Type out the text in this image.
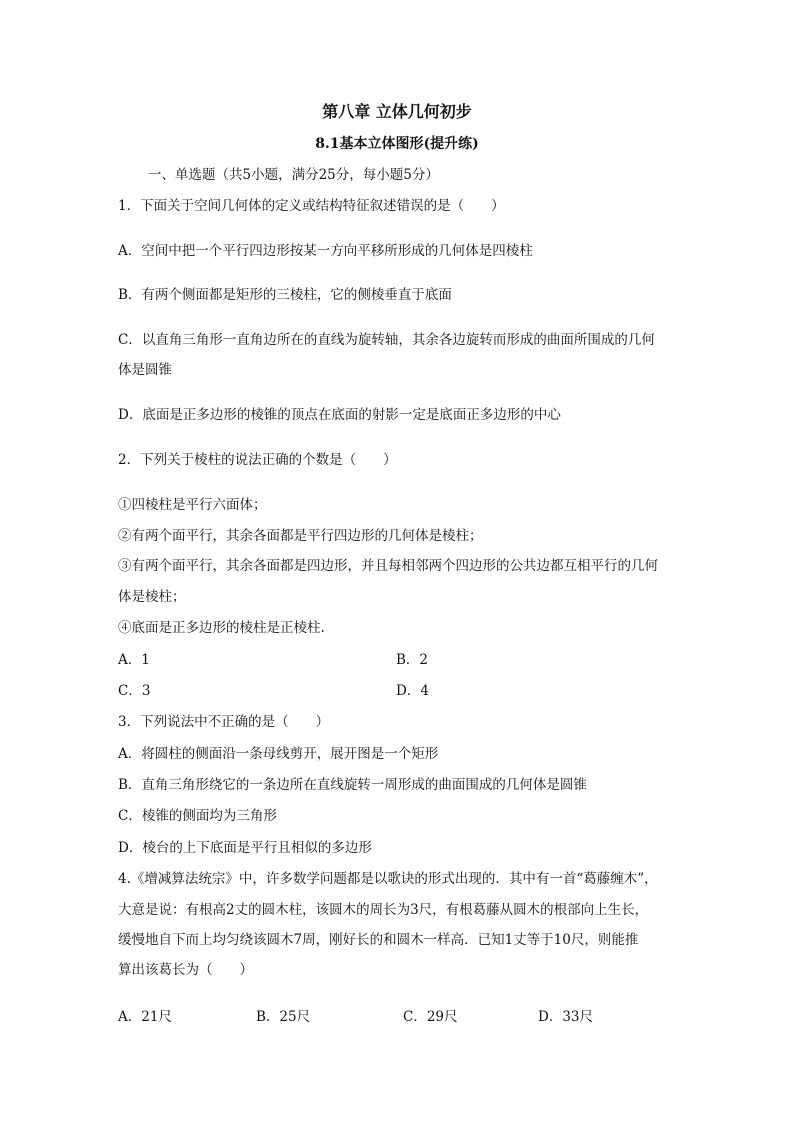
第八章 立体几何初步
8.1基本立体图形(提升练)
一、单选题（共5小题，满分25分，每小题5分）
1．下面关于空间几何体的定义或结构特征叙述错误的是（　　）
A．空间中把一个平行四边形按某一方向平移所形成的几何体是四棱柱
B．有两个侧面都是矩形的三棱柱，它的侧棱垂直于底面
C．以直角三角形一直角边所在的直线为旋转轴，其余各边旋转而形成的曲面所围成的几何
体是圆锥
D．底面是正多边形的棱锥的顶点在底面的射影一定是底面正多边形的中心
2．下列关于棱柱的说法正确的个数是（　　）
①四棱柱是平行六面体；
②有两个面平行，其余各面都是平行四边形的几何体是棱柱；
③有两个面平行，其余各面都是四边形，并且每相邻两个四边形的公共边都互相平行的几何
体是棱柱；
④底面是正多边形的棱柱是正棱柱.
A．1	B．2
C．3	D．4
3．下列说法中不正确的是（　　）
A．将圆柱的侧面沿一条母线剪开，展开图是一个矩形
B．直角三角形绕它的一条边所在直线旋转一周形成的曲面围成的几何体是圆锥
C．棱锥的侧面均为三角形
D．棱台的上下底面是平行且相似的多边形
4.《增减算法统宗》中，许多数学问题都是以歌诀的形式出现的．其中有一首“葛藤缠木”，
大意是说：有根高2丈的圆木柱，该圆木的周长为3尺，有根葛藤从圆木的根部向上生长，
缓慢地自下而上均匀绕该圆木7周，刚好长的和圆木一样高．已知1丈等于10尺，则能推
算出该葛长为（　　）
A．21尺	B．25尺	C．29尺	D．33尺
